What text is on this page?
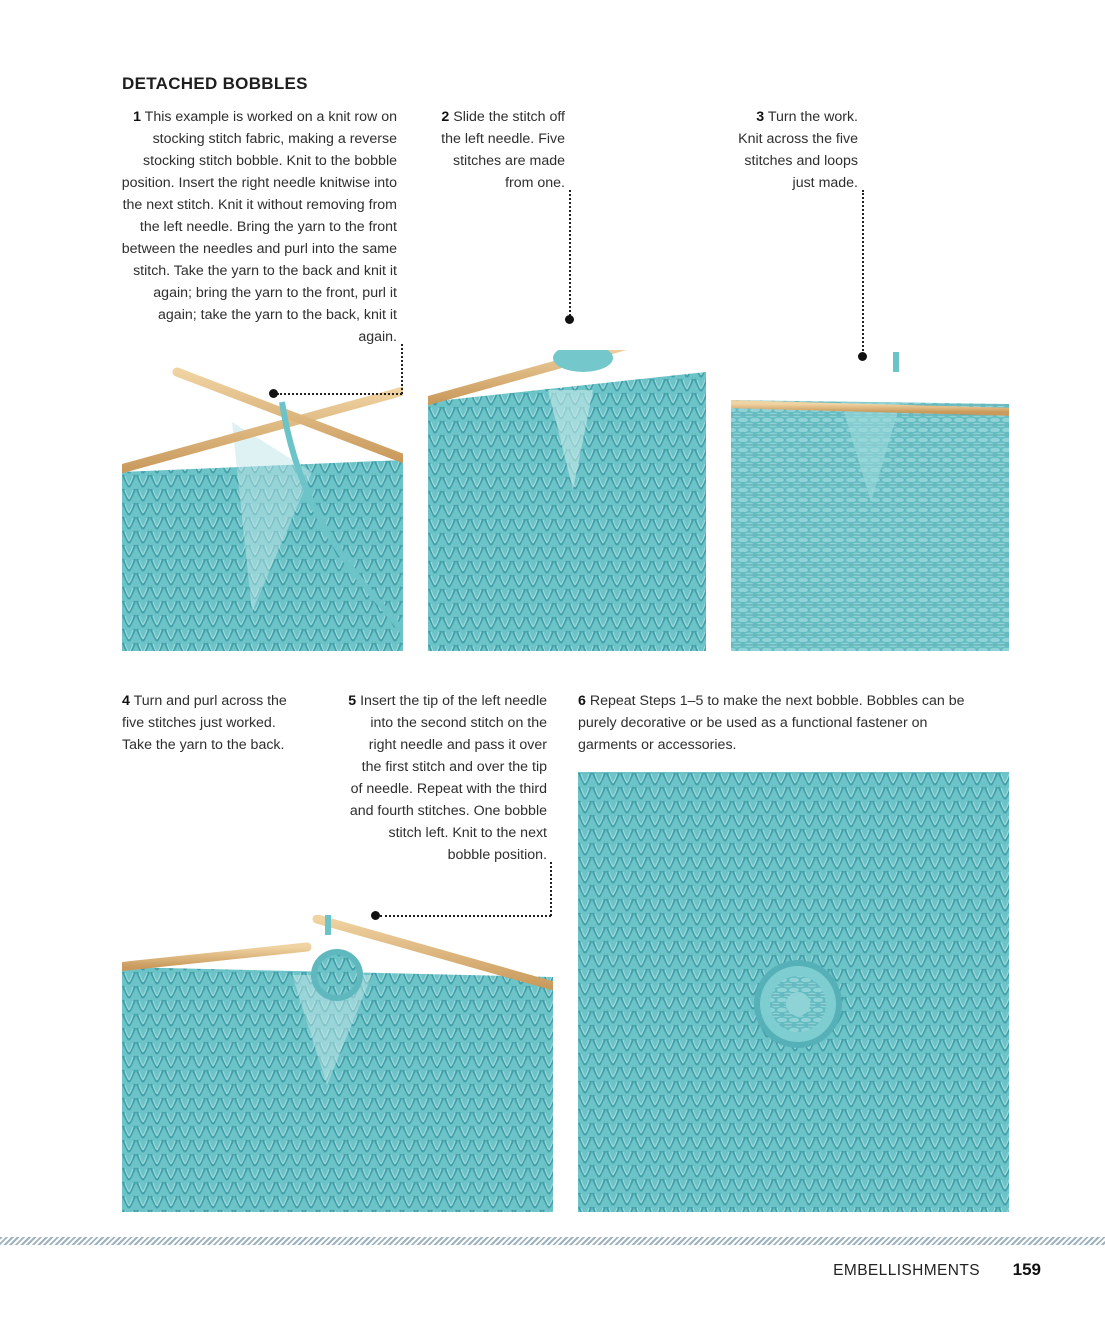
DETACHED BOBBLES
1 This example is worked on a knit row on stocking stitch fabric, making a reverse stocking stitch bobble. Knit to the bobble position. Insert the right needle knitwise into the next stitch. Knit it without removing from the left needle. Bring the yarn to the front between the needles and purl into the same stitch. Take the yarn to the back and knit it again; bring the yarn to the front, purl it again; take the yarn to the back, knit it again.
2 Slide the stitch off the left needle. Five stitches are made from one.
3 Turn the work. Knit across the five stitches and loops just made.
4 Turn and purl across the five stitches just worked. Take the yarn to the back.
5 Insert the tip of the left needle into the second stitch on the right needle and pass it over the first stitch and over the tip of needle. Repeat with the third and fourth stitches. One bobble stitch left. Knit to the next bobble position.
6 Repeat Steps 1–5 to make the next bobble. Bobbles can be purely decorative or be used as a functional fastener on garments or accessories.
EMBELLISHMENTS 159
